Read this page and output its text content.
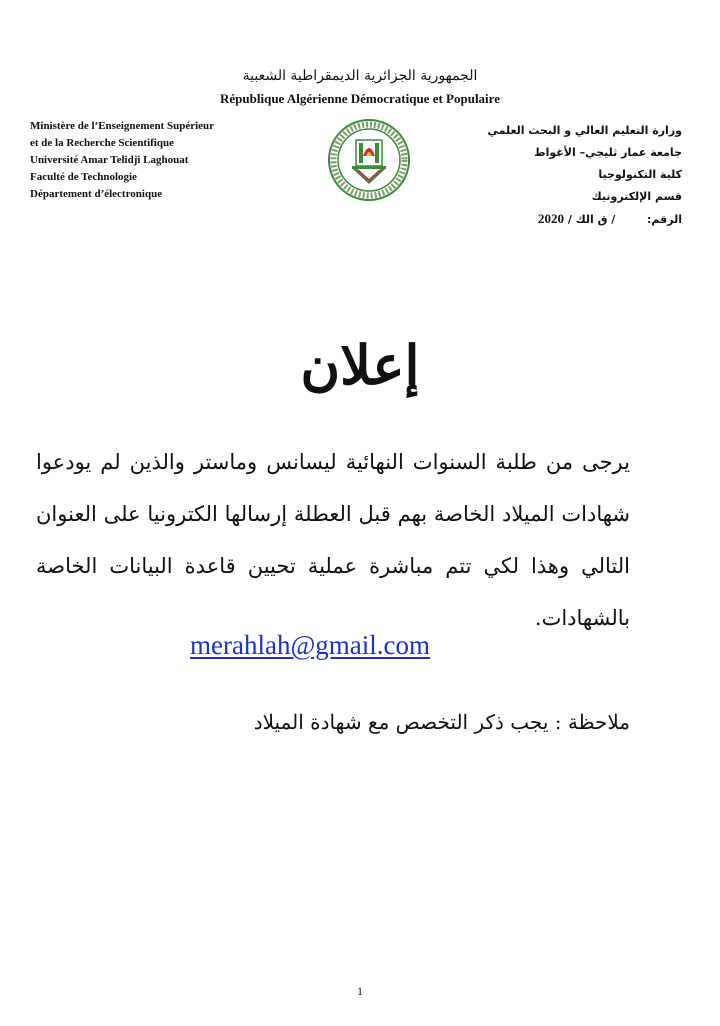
الجمهورية الجزائرية الديمقراطية الشعبية
République Algérienne Démocratique et Populaire
Ministère de l’Enseignement Supérieur
et de la Recherche Scientifique
Université Amar Telidji Laghouat
Faculté de Technologie
Département d’électronique
وزارة التعليم العالي و البحث العلمي
جامعة عمار ثليجي– الأغواط
كلية التكنولوجيا
قسم الإلكترونيك
الرقم:  / ق الك / 2020
إعلان
يرجى من طلبة السنوات النهائية ليسانس وماستر والذين لم يودعوا شهادات الميلاد الخاصة بهم قبل العطلة إرسالها الكترونيا على العنوان التالي وهذا لكي تتم مباشرة عملية تحيين قاعدة البيانات الخاصة بالشهادات.
merahlah@gmail.com
ملاحظة : يجب ذكر التخصص مع شهادة الميلاد
1
